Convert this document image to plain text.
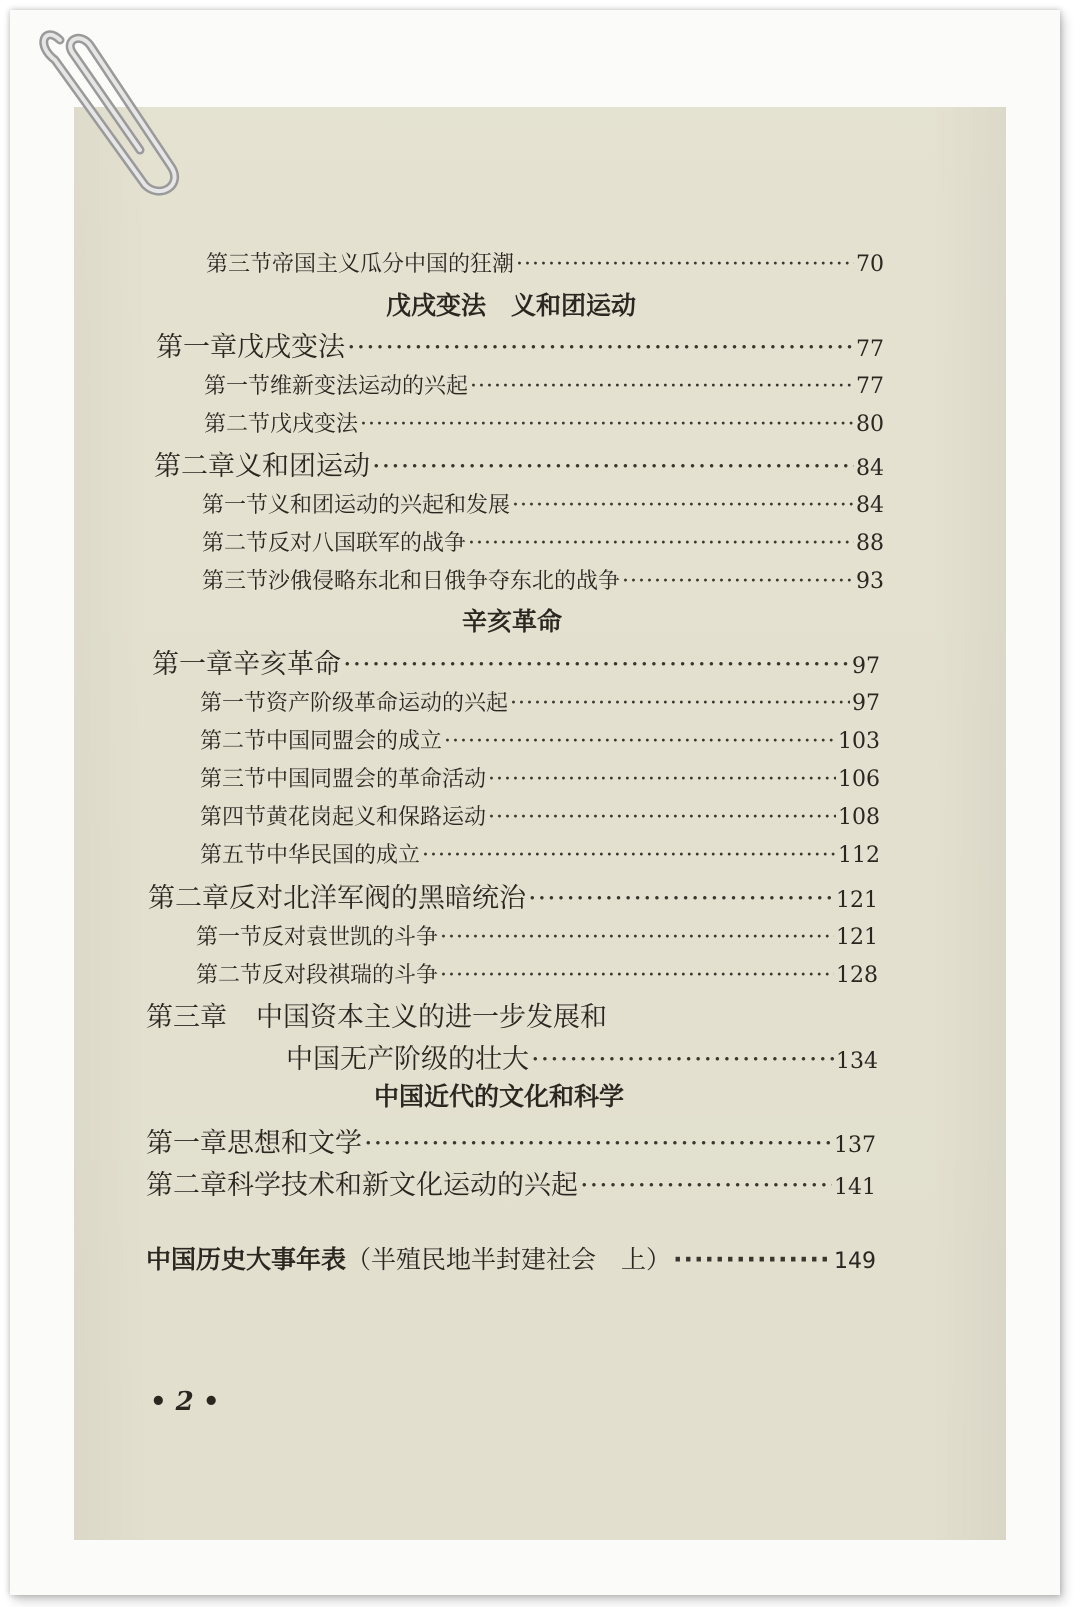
第三节 帝国主义瓜分中国的狂潮 ·····	70
戊戌变法　义和团运动
第一章 戊戌变法 ·····	77
第一节 维新变法运动的兴起 ·····	77
第二节 戊戌变法 ·····	80
第二章 义和团运动 ·····	84
第一节 义和团运动的兴起和发展 ·····	84
第二节 反对八国联军的战争 ·····	88
第三节 沙俄侵略东北和日俄争夺东北的战争 ·····	93
辛亥革命
第一章 辛亥革命 ·····	97
第一节 资产阶级革命运动的兴起 ·····	97
第二节 中国同盟会的成立 ·····	103
第三节 中国同盟会的革命活动 ·····	106
第四节 黄花岗起义和保路运动 ·····	108
第五节 中华民国的成立 ·····	112
第二章 反对北洋军阀的黑暗统治 ·····	121
第一节 反对袁世凯的斗争 ·····	121
第二节 反对段祺瑞的斗争 ·····	128
第三章	中国资本主义的进一步发展和
中国无产阶级的壮大 ·····	134
中国近代的文化和科学
第一章 思想和文学 ·····	137
第二章 科学技术和新文化运动的兴起 ·····	141
中国历史大事年表 （半殖民地半封建社会　上） ·····	149
• 2 •
